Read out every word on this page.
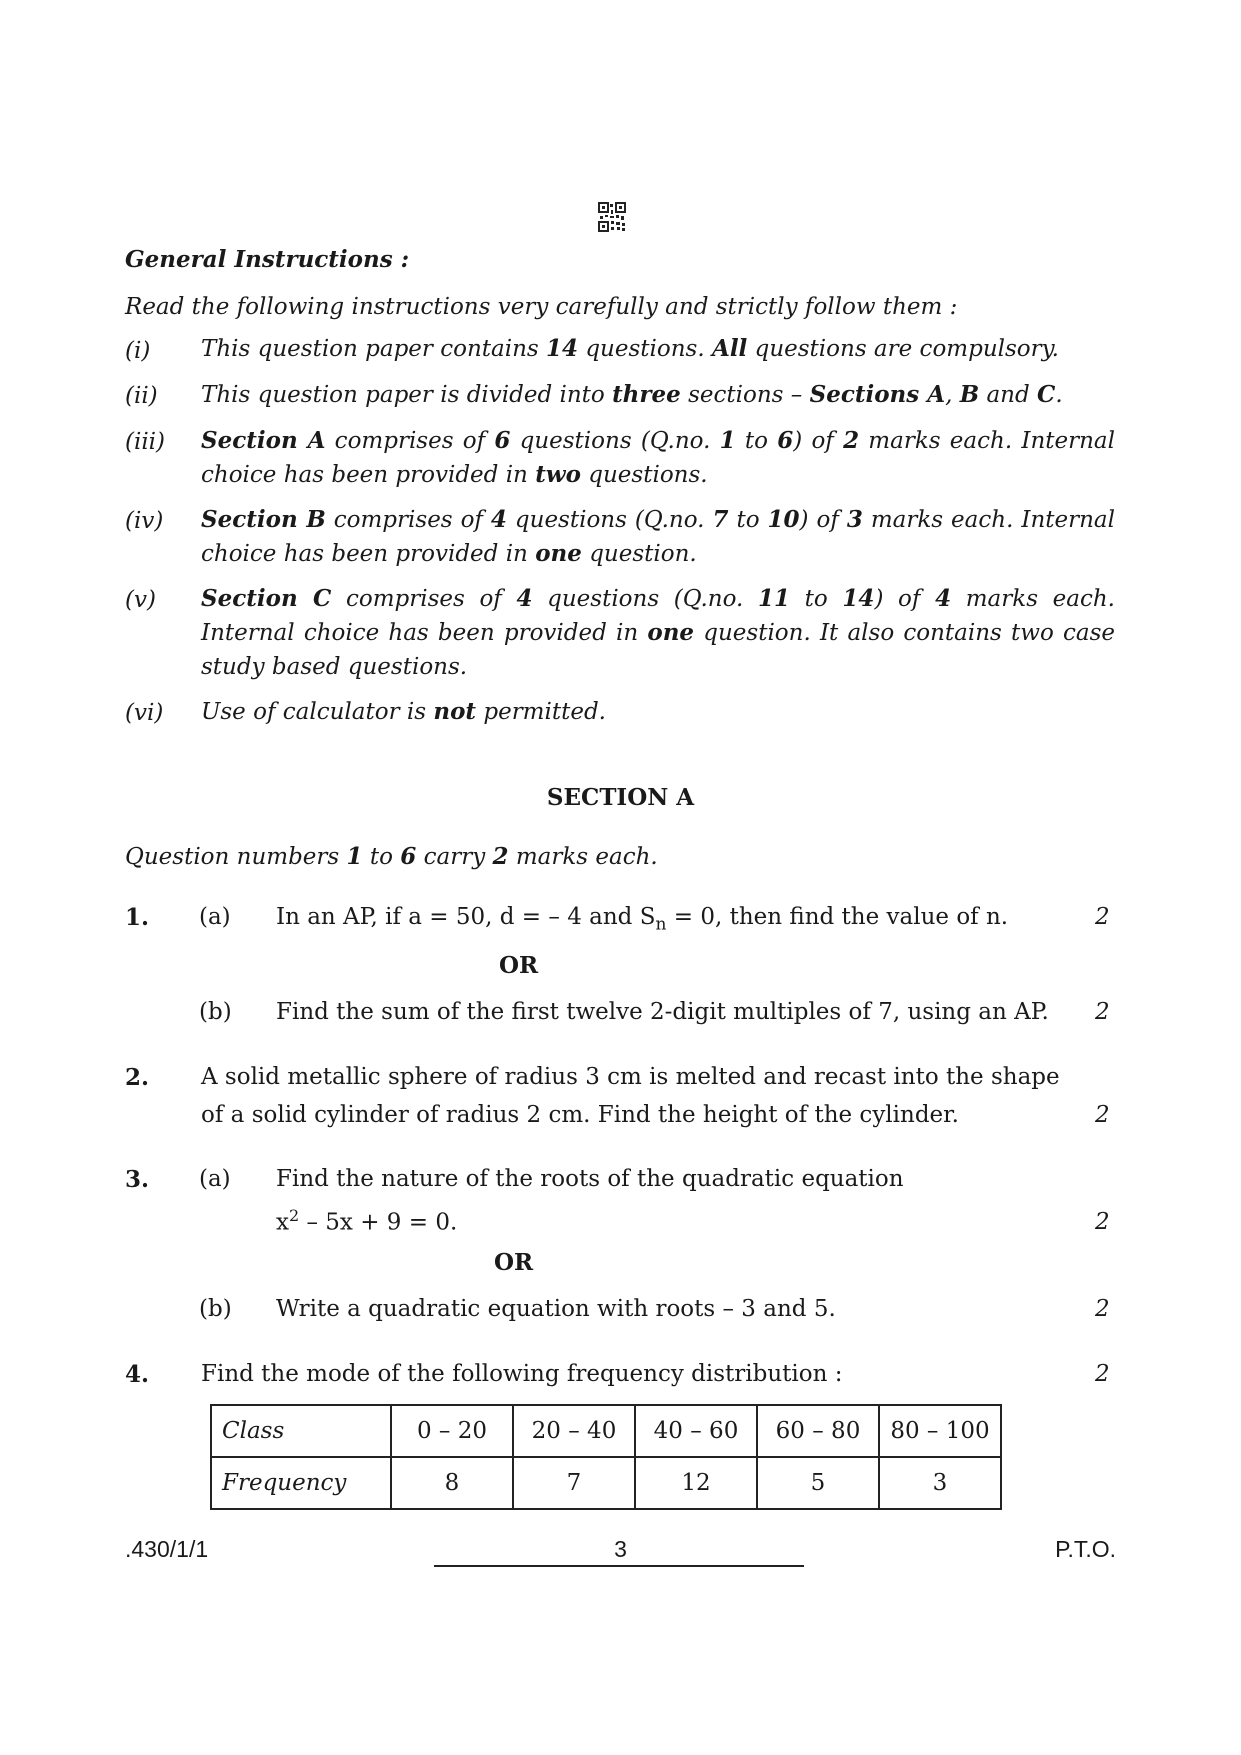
General Instructions :
Read the following instructions very carefully and strictly follow them :
(i) This question paper contains 14 questions. All questions are compulsory.
(ii) This question paper is divided into three sections – Sections A, B and C.
(iii) Section A comprises of 6 questions (Q.no. 1 to 6) of 2 marks each. Internal choice has been provided in two questions.
(iv) Section B comprises of 4 questions (Q.no. 7 to 10) of 3 marks each. Internal choice has been provided in one question.
(v) Section C comprises of 4 questions (Q.no. 11 to 14) of 4 marks each. Internal choice has been provided in one question. It also contains two case study based questions.
(vi) Use of calculator is not permitted.
SECTION A
Question numbers 1 to 6 carry 2 marks each.
1. (a) In an AP, if a = 50, d = – 4 and $S_n = 0$, then find the value of n.	2
OR
(b) Find the sum of the first twelve 2-digit multiples of 7, using an AP. 2
2. A solid metallic sphere of radius 3 cm is melted and recast into the shape
of a solid cylinder of radius 2 cm. Find the height of the cylinder.	2
3. (a) Find the nature of the roots of the quadratic equation
$x^2 - 5x + 9 = 0$.	2
OR
(b) Write a quadratic equation with roots – 3 and 5.	2
4. Find the mode of the following frequency distribution :	2
Class	0 – 20	20 – 40	40 – 60	60 – 80	80 – 100
Frequency	8	7	12	5	3
.430/1/1	3	P.T.O.
